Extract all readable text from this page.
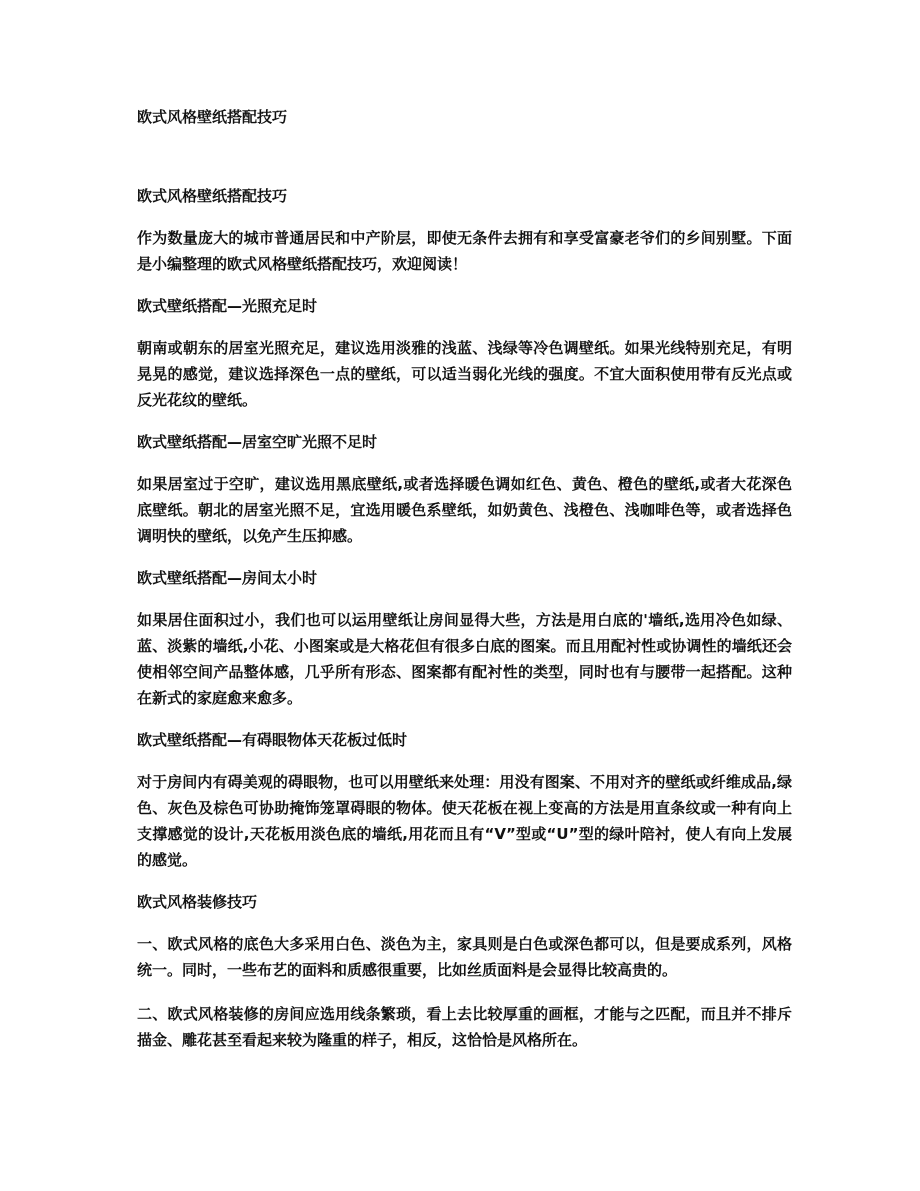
欧式风格壁纸搭配技巧
欧式风格壁纸搭配技巧

作为数量庞大的城市普通居民和中产阶层，即使无条件去拥有和享受富豪老爷们的乡间别墅。下面是小编整理的欧式风格壁纸搭配技巧，欢迎阅读！

欧式壁纸搭配—光照充足时

朝南或朝东的居室光照充足，建议选用淡雅的浅蓝、浅绿等冷色调壁纸。如果光线特别充足，有明晃晃的感觉，建议选择深色一点的壁纸，可以适当弱化光线的强度。不宜大面积使用带有反光点或反光花纹的壁纸。

欧式壁纸搭配—居室空旷光照不足时

如果居室过于空旷，建议选用黑底壁纸,或者选择暖色调如红色、黄色、橙色的壁纸,或者大花深色底壁纸。朝北的居室光照不足，宜选用暖色系壁纸，如奶黄色、浅橙色、浅咖啡色等，或者选择色调明快的壁纸，以免产生压抑感。

欧式壁纸搭配—房间太小时

如果居住面积过小，我们也可以运用壁纸让房间显得大些，方法是用白底的'墙纸,选用冷色如绿、蓝、淡紫的墙纸,小花、小图案或是大格花但有很多白底的图案。而且用配衬性或协调性的墙纸还会使相邻空间产品整体感，几乎所有形态、图案都有配衬性的类型，同时也有与腰带一起搭配。这种在新式的家庭愈来愈多。

欧式壁纸搭配—有碍眼物体天花板过低时

对于房间内有碍美观的碍眼物，也可以用壁纸来处理：用没有图案、不用对齐的壁纸或纤维成品,绿色、灰色及棕色可协助掩饰笼罩碍眼的物体。使天花板在视上变高的方法是用直条纹或一种有向上支撑感觉的设计,天花板用淡色底的墙纸,用花而且有“V”型或“U”型的绿叶陪衬，使人有向上发展的感觉。

欧式风格装修技巧

一、欧式风格的底色大多采用白色、淡色为主，家具则是白色或深色都可以，但是要成系列，风格统一。同时，一些布艺的面料和质感很重要，比如丝质面料是会显得比较高贵的。

二、欧式风格装修的房间应选用线条繁琐，看上去比较厚重的画框，才能与之匹配，而且并不排斥描金、雕花甚至看起来较为隆重的样子，相反，这恰恰是风格所在。
